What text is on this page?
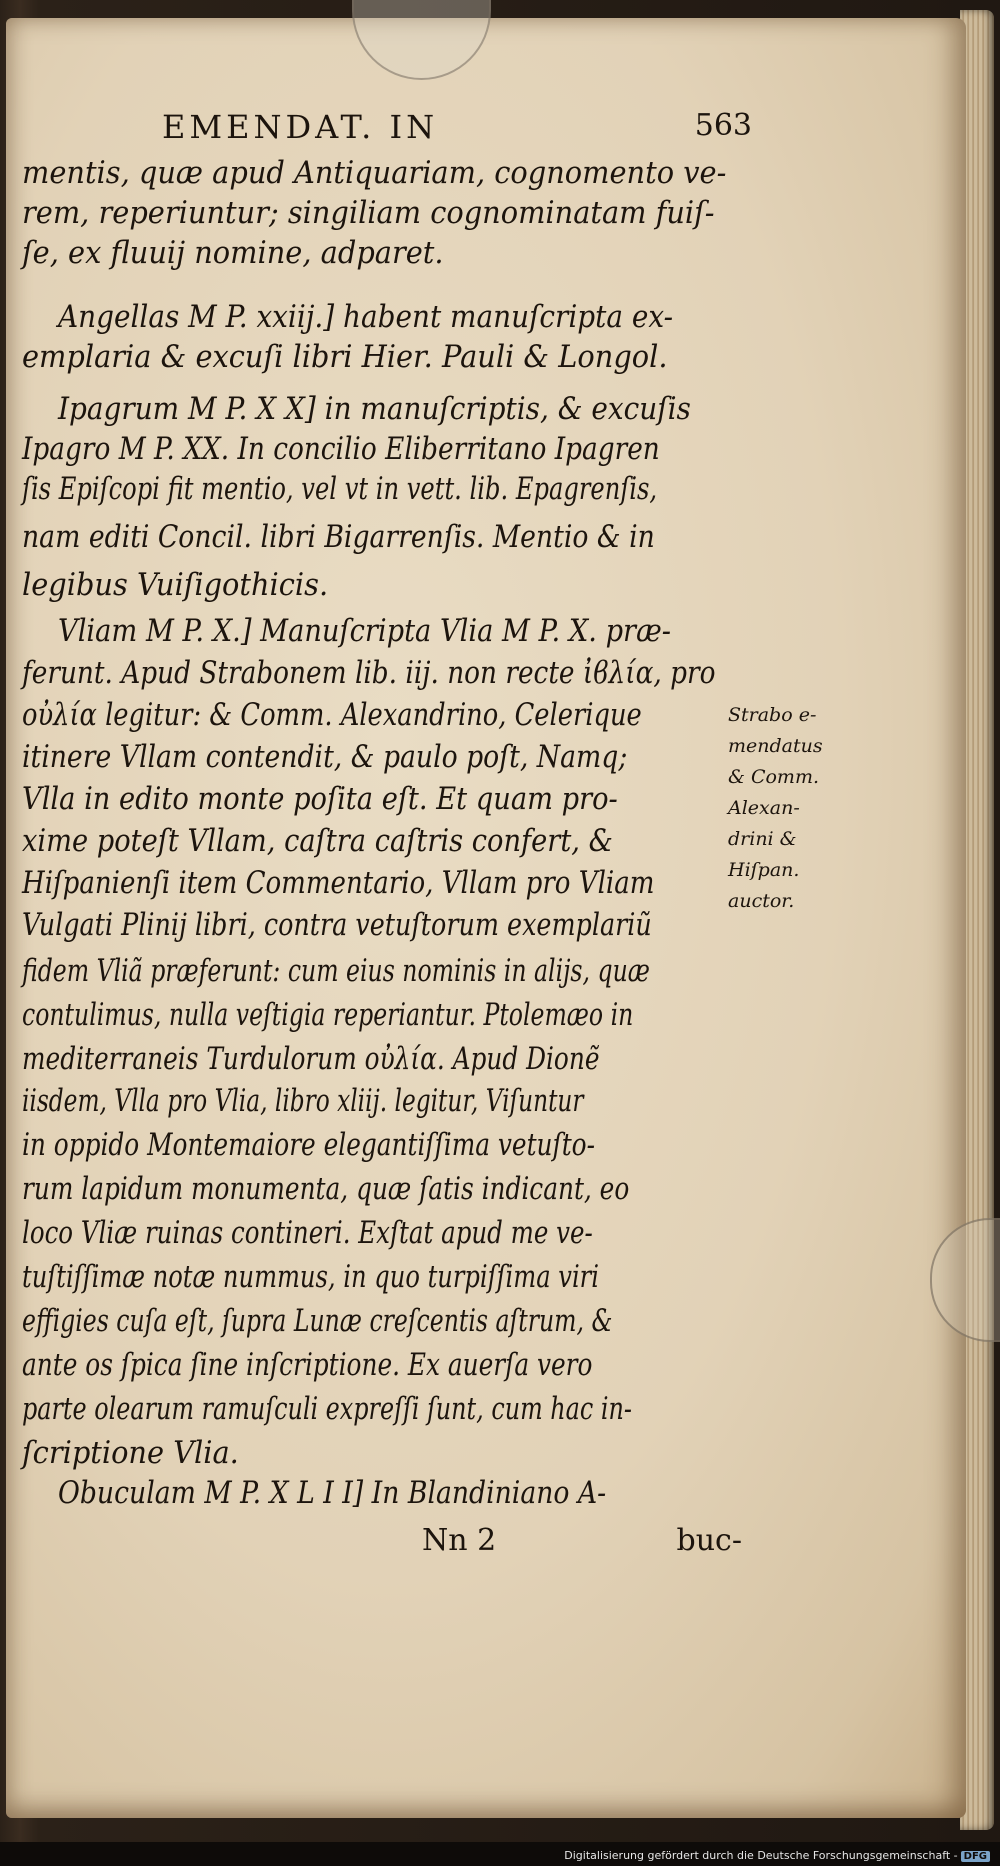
EMENDAT. IN	563
mentis, quæ apud Antiquariam, cognomento ve-
rem, reperiuntur; singiliam cognominatam fuiſ-
ſe, ex fluuij nomine, adparet.
Angellas M P. xxiij.] habent manuſcripta ex-
emplaria & excuſi libri Hier. Pauli & Longol.
Ipagrum M P. X X] in manuſcriptis, & excuſis
Ipagro M P. XX. In concilio Eliberritano Ipagren
ſis Epiſcopi fit mentio, vel vt in vett. lib. Epagrenſis,
nam editi Concil. libri Bigarrenſis. Mentio & in
legibus Vuiſigothicis.
Vliam M P. X.] Manuſcripta Vlia M P. X. præ-
ferunt. Apud Strabonem lib. iij. non recte ἰϐλία, pro
οὐλία legitur: & Comm. Alexandrino, Celerique
itinere Vllam contendit, & paulo poſt, Namq;
Vlla in edito monte poſita eſt. Et quam pro-
xime poteſt Vllam, caſtra caſtris confert, &
Hiſpanienſi item Commentario, Vllam pro Vliam
Vulgati Plinij libri, contra vetuſtorum exemplariũ
fidem Vliã præferunt: cum eius nominis in alijs, quæ
contulimus, nulla veſtigia reperiantur. Ptolemæo in
mediterraneis Turdulorum οὐλία. Apud Dionẽ
iisdem, Vlla pro Vlia, libro xliij. legitur, Viſuntur
in oppido Montemaiore elegantiſſima vetuſto-
rum lapidum monumenta, quæ ſatis indicant, eo
loco Vliæ ruinas contineri. Exſtat apud me ve-
tuſtiſſimæ notæ nummus, in quo turpiſſima viri
effigies cuſa eſt, ſupra Lunæ creſcentis aſtrum, &
ante os ſpica ſine inſcriptione. Ex auerſa vero
parte olearum ramuſculi expreſſi ſunt, cum hac in-
ſcriptione Vlia.
Obuculam M P. X L I I] In Blandiniano A-
Strabo e-
mendatus
& Comm.
Alexan-
drini &
Hiſpan.
auctor.
Nn 2	buc-
Digitalisierung gefördert durch die Deutsche Forschungsgemeinschaft - DFG
